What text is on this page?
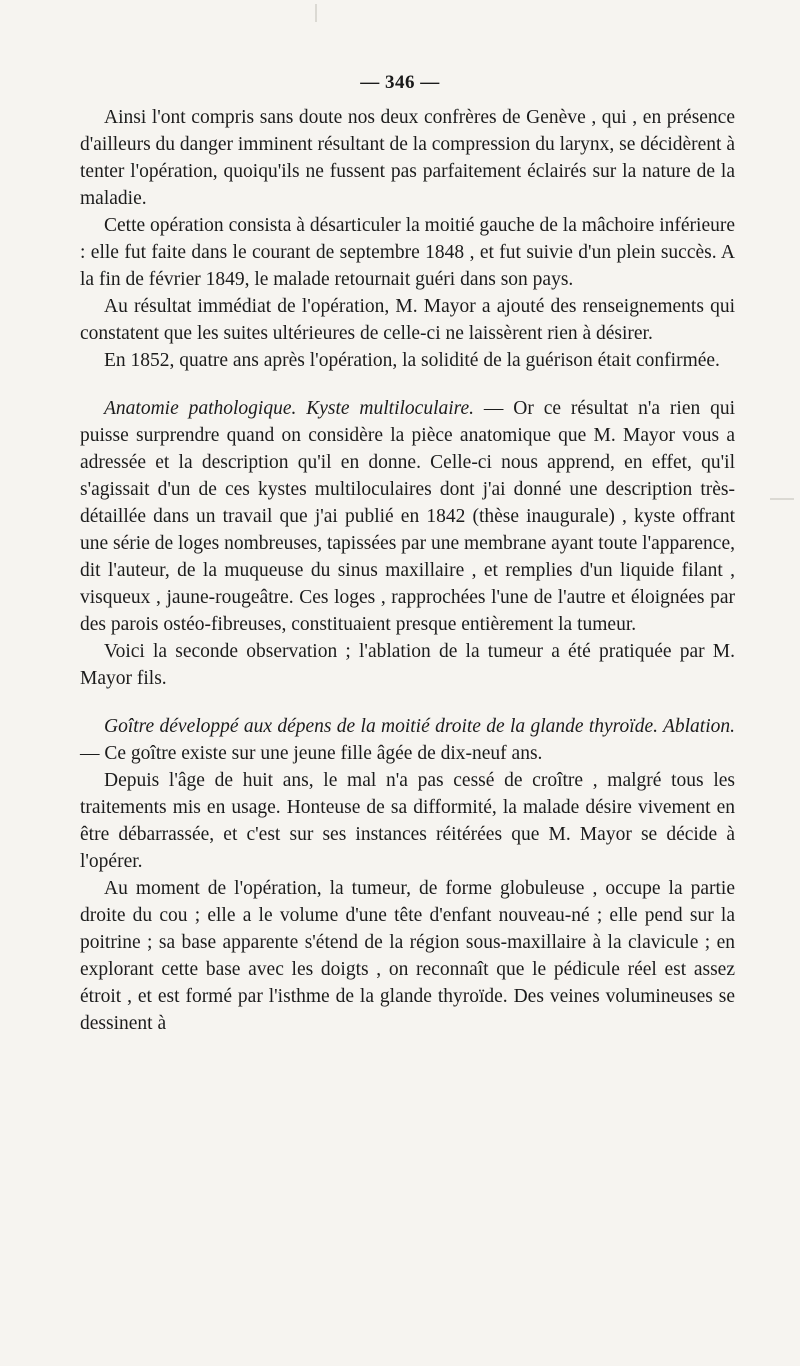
— 346 —

Ainsi l'ont compris sans doute nos deux confrères de Genève , qui , en présence d'ailleurs du danger imminent résultant de la compression du larynx, se décidèrent à tenter l'opération, quoiqu'ils ne fussent pas parfaitement éclairés sur la nature de la maladie.

Cette opération consista à désarticuler la moitié gauche de la mâchoire inférieure : elle fut faite dans le courant de septembre 1848 , et fut suivie d'un plein succès. A la fin de février 1849, le malade retournait guéri dans son pays.

Au résultat immédiat de l'opération, M. Mayor a ajouté des renseignements qui constatent que les suites ultérieures de celle-ci ne laissèrent rien à désirer.

En 1852, quatre ans après l'opération, la solidité de la guérison était confirmée.

Anatomie pathologique. Kyste multiloculaire. — Or ce résultat n'a rien qui puisse surprendre quand on considère la pièce anatomique que M. Mayor vous a adressée et la description qu'il en donne. Celle-ci nous apprend, en effet, qu'il s'agissait d'un de ces kystes multiloculaires dont j'ai donné une description très-détaillée dans un travail que j'ai publié en 1842 (thèse inaugurale) , kyste offrant une série de loges nombreuses, tapissées par une membrane ayant toute l'apparence, dit l'auteur, de la muqueuse du sinus maxillaire , et remplies d'un liquide filant , visqueux , jaune-rougeâtre. Ces loges , rapprochées l'une de l'autre et éloignées par des parois ostéo-fibreuses, constituaient presque entièrement la tumeur.

Voici la seconde observation ; l'ablation de la tumeur a été pratiquée par M. Mayor fils.

Goître développé aux dépens de la moitié droite de la glande thyroïde. Ablation. — Ce goître existe sur une jeune fille âgée de dix-neuf ans.

Depuis l'âge de huit ans, le mal n'a pas cessé de croître , malgré tous les traitements mis en usage. Honteuse de sa difformité, la malade désire vivement en être débarrassée, et c'est sur ses instances réitérées que M. Mayor se décide à l'opérer.

Au moment de l'opération, la tumeur, de forme globuleuse , occupe la partie droite du cou ; elle a le volume d'une tête d'enfant nouveau-né ; elle pend sur la poitrine ; sa base apparente s'étend de la région sous-maxillaire à la clavicule ; en explorant cette base avec les doigts , on reconnaît que le pédicule réel est assez étroit , et est formé par l'isthme de la glande thyroïde. Des veines volumineuses se dessinent à
